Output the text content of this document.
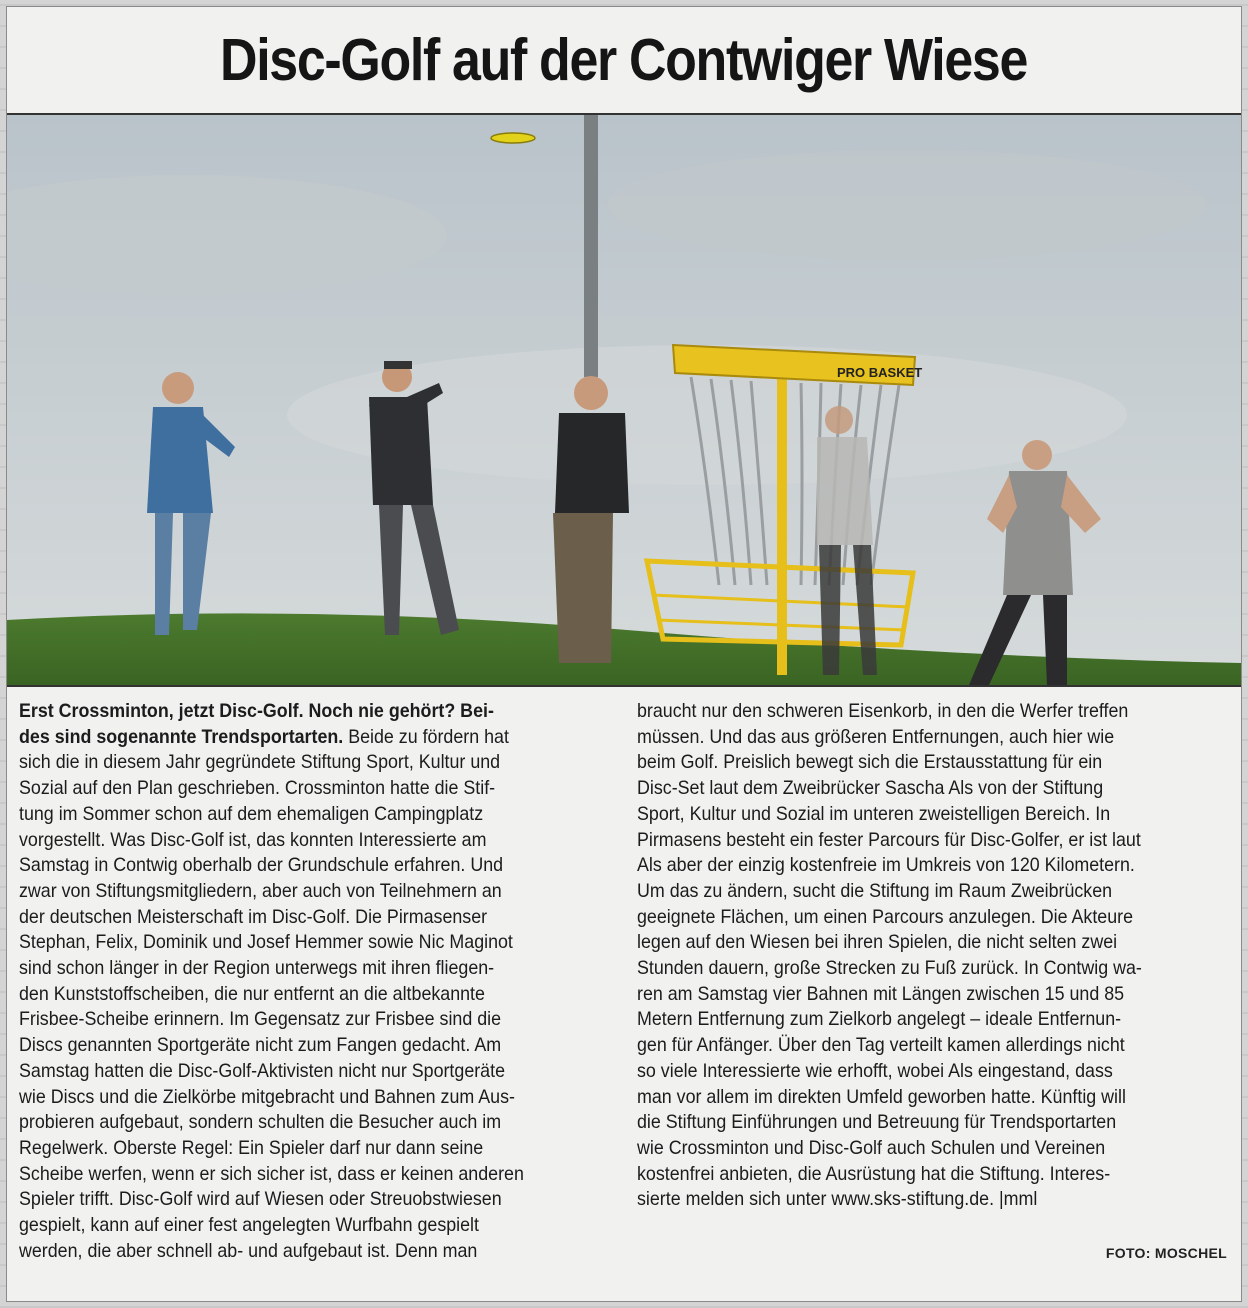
Disc-Golf auf der Contwiger Wiese
PRO BASKET
Erst Crossminton, jetzt Disc-Golf. Noch nie gehört? Bei-
des sind sogenannte Trendsportarten. Beide zu fördern hat
sich die in diesem Jahr gegründete Stiftung Sport, Kultur und
Sozial auf den Plan geschrieben. Crossminton hatte die Stif-
tung im Sommer schon auf dem ehemaligen Campingplatz
vorgestellt. Was Disc-Golf ist, das konnten Interessierte am
Samstag in Contwig oberhalb der Grundschule erfahren. Und
zwar von Stiftungsmitgliedern, aber auch von Teilnehmern an
der deutschen Meisterschaft im Disc-Golf. Die Pirmasenser
Stephan, Felix, Dominik und Josef Hemmer sowie Nic Maginot
sind schon länger in der Region unterwegs mit ihren fliegen-
den Kunststoffscheiben, die nur entfernt an die altbekannte
Frisbee-Scheibe erinnern. Im Gegensatz zur Frisbee sind die
Discs genannten Sportgeräte nicht zum Fangen gedacht. Am
Samstag hatten die Disc-Golf-Aktivisten nicht nur Sportgeräte
wie Discs und die Zielkörbe mitgebracht und Bahnen zum Aus-
probieren aufgebaut, sondern schulten die Besucher auch im
Regelwerk. Oberste Regel: Ein Spieler darf nur dann seine
Scheibe werfen, wenn er sich sicher ist, dass er keinen anderen
Spieler trifft. Disc-Golf wird auf Wiesen oder Streuobstwiesen
gespielt, kann auf einer fest angelegten Wurfbahn gespielt
werden, die aber schnell ab- und aufgebaut ist. Denn man
braucht nur den schweren Eisenkorb, in den die Werfer treffen
müssen. Und das aus größeren Entfernungen, auch hier wie
beim Golf. Preislich bewegt sich die Erstausstattung für ein
Disc-Set laut dem Zweibrücker Sascha Als von der Stiftung
Sport, Kultur und Sozial im unteren zweistelligen Bereich. In
Pirmasens besteht ein fester Parcours für Disc-Golfer, er ist laut
Als aber der einzig kostenfreie im Umkreis von 120 Kilometern.
Um das zu ändern, sucht die Stiftung im Raum Zweibrücken
geeignete Flächen, um einen Parcours anzulegen. Die Akteure
legen auf den Wiesen bei ihren Spielen, die nicht selten zwei
Stunden dauern, große Strecken zu Fuß zurück. In Contwig wa-
ren am Samstag vier Bahnen mit Längen zwischen 15 und 85
Metern Entfernung zum Zielkorb angelegt – ideale Entfernun-
gen für Anfänger. Über den Tag verteilt kamen allerdings nicht
so viele Interessierte wie erhofft, wobei Als eingestand, dass
man vor allem im direkten Umfeld geworben hatte. Künftig will
die Stiftung Einführungen und Betreuung für Trendsportarten
wie Crossminton und Disc-Golf auch Schulen und Vereinen
kostenfrei anbieten, die Ausrüstung hat die Stiftung. Interes-
sierte melden sich unter www.sks-stiftung.de. |mml
FOTO: MOSCHEL
